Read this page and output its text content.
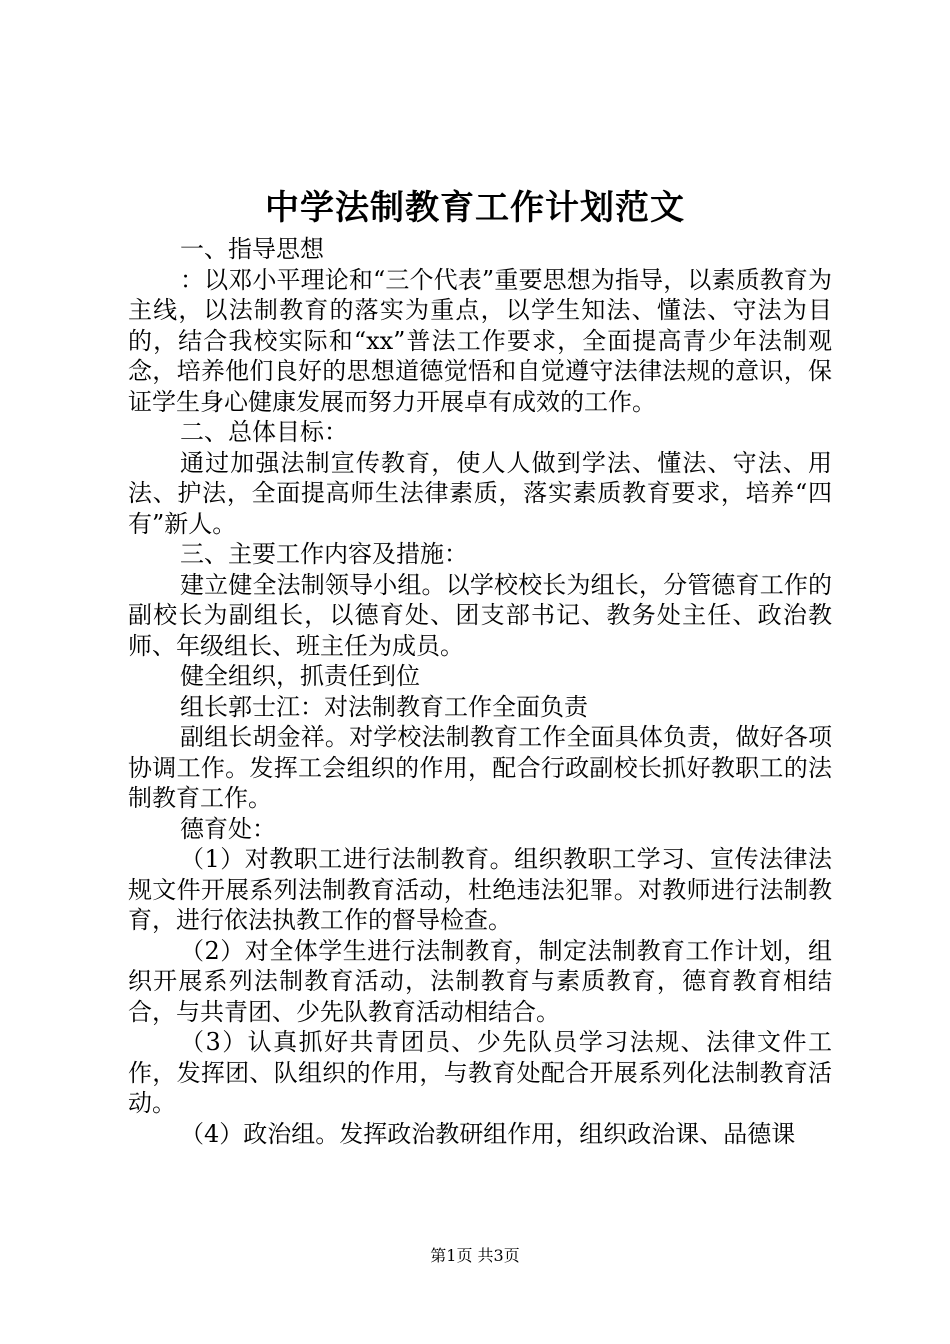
中学法制教育工作计划范文

一、指导思想

：以邓小平理论和“三个代表”重要思想为指导，以素质教育为主线，以法制教育的落实为重点，以学生知法、懂法、守法为目的，结合我校实际和“xx”普法工作要求，全面提高青少年法制观念，培养他们良好的思想道德觉悟和自觉遵守法律法规的意识，保证学生身心健康发展而努力开展卓有成效的工作。

二、总体目标：

通过加强法制宣传教育，使人人做到学法、懂法、守法、用法、护法，全面提高师生法律素质，落实素质教育要求，培养“四有”新人。

三、主要工作内容及措施：

建立健全法制领导小组。以学校校长为组长，分管德育工作的副校长为副组长，以德育处、团支部书记、教务处主任、政治教师、年级组长、班主任为成员。

健全组织，抓责任到位

组长郭士江：对法制教育工作全面负责

副组长胡金祥。对学校法制教育工作全面具体负责，做好各项协调工作。发挥工会组织的作用，配合行政副校长抓好教职工的法制教育工作。

德育处：

（1）对教职工进行法制教育。组织教职工学习、宣传法律法规文件开展系列法制教育活动，杜绝违法犯罪。对教师进行法制教育，进行依法执教工作的督导检查。

（2）对全体学生进行法制教育，制定法制教育工作计划，组织开展系列法制教育活动，法制教育与素质教育，德育教育相结合，与共青团、少先队教育活动相结合。

（3）认真抓好共青团员、少先队员学习法规、法律文件工作，发挥团、队组织的作用，与教育处配合开展系列化法制教育活动。

（4）政治组。发挥政治教研组作用，组织政治课、品德课

第1页 共3页
